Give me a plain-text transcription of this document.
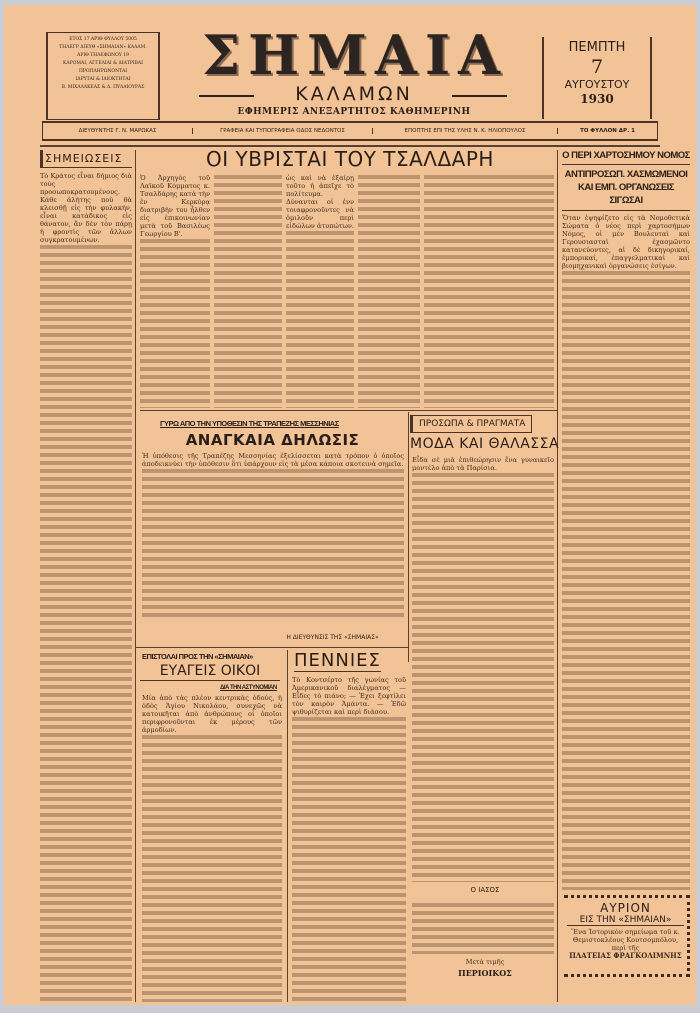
ΕΤΟΣ 17 ΑΡΙΘ ΦΥΛΛΟΥ 5005
ΤΗΛΕΓΡ ΔΙΕΥΘ «ΣΗΜΑΙΑΝ» ΚΑΛΑΜ.
ΑΡΙΘ ΤΗΛΕΦΩΝΟΥ 19
ΚΑΡΟΜΑΙ, ΑΓΓΕΛΙΑΙ & ΔΙΑΤΡΙΒΑΙ ΠΡΟΠΛΗΡΩΝΟΝΤΑΙ
ΙΔΡΥΤΑΙ & ΙΔΙΟΚΤΗΤΑΙ
Β. ΜΙΧΑΛΑΚΕΑΣ & Δ. ΠΥΛΑΙΟΥΡΑΣ
ΣΗΜΑΙΑ
ΚΑΛΑΜΩΝ
ΕΦΗΜΕΡΙΣ ΑΝΕΞΑΡΤΗΤΟΣ ΚΑΘΗΜΕΡΙΝΗ
ΠΕΜΠΤΗ
7
ΑΥΓΟΥΣΤΟΥ
1930
ΔΙΕΥΘΥΝΤΗΣ Γ. Ν. ΜΑΡΩΚΑΣ	ΓΡΑΦΕΙΑ ΚΑΙ ΤΥΠΟΓΡΑΦΕΙΑ ΟΔΟΣ ΝΕΔΟΝΤΟΣ	ΕΠΟΠΤΗΣ ΕΠΙ ΤΗΣ ΥΛΗΣ Ν. Κ. ΗΛΙΟΠΟΥΛΟΣ	ΤΟ ΦΥΛΛΟΝ ΔΡ. 1
ΣΗΜΕΙΩΣΕΙΣ
Τὸ Κράτος εἶναι δήμιος διὰ τοὺς προσωποκρατουμένους. Κάθε ἀλήτης ποὺ θὰ κλεισθῇ εἰς τὴν φυλακήν, εἶναι κατάδικος εἰς θάνατον, ἂν δὲν τὸν πάρῃ ἡ φροντὶς τῶν ἄλλων συγκρατουμένων.
ΟΙ ΥΒΡΙΣΤΑΙ ΤΟΥ ΤΣΑΛΔΑΡΗ
Ὁ Ἀρχηγὸς τοῦ Λαϊκοῦ Κόμματος κ. Τσαλδάρης κατὰ τὴν ἐν Κερκύρᾳ διατριβήν του ἦλθεν εἰς ἐπικοινωνίαν μετὰ τοῦ Βασιλέως Γεωργίου Β'.
ὡς καὶ νὰ ἐξαίρῃ τοῦτο ἡ ἀπεῖχε τὸ πολίτευμα. Δύνανται οἱ ἐνν τοιαφρονοῦντες νὰ ὁμιλοῦν περὶ εἰδώλων ἀτυπώτων.
Ο ΠΕΡΙ ΧΑΡΤΟΣΗΜΟΥ ΝΟΜΟΣ
ΑΝΤΙΠΡΟΣΩΠ. ΧΑΣΜΩΜΕΝΟΙ ΚΑΙ ΕΜΠ. ΟΡΓΑΝΩΣΕΙΣ ΣΙΓΩΣΑΙ
Ὅταν ἐψηφίζετο εἰς τὰ Νομοθετικὰ Σώματα ὁ νέος περὶ χαρτοσήμων Νόμος, οἱ μὲν Βουλευταὶ καὶ Γερουσιασταὶ ἐχασμῶντο κατανεύοντες, αἱ δὲ δικηγορικαί, ἐμπορικαί, ἐπαγγελματικαὶ καὶ βιομηχανικαὶ ὀργανώσεις ἐσίγων.
ΑΥΡΙΟΝ
ΕΙΣ ΤΗΝ «ΣΗΜΑΙΑΝ»
Ἕνα Ἱστορικὸν σημείωμα τοῦ κ. Θεμιστοκλέους Κουτσομπόλου, περὶ τῆς
ΠΛΑΤΕΙΑΣ ΦΡΑΓΚΟΛΙΜΝΗΣ
ΓΥΡΩ ΑΠΟ ΤΗΝ ΥΠΟΘΕΣΙΝ ΤΗΣ ΤΡΑΠΕΖΗΣ ΜΕΣΣΗΝΙΑΣ
ΑΝΑΓΚΑΙΑ ΔΗΛΩΣΙΣ
Ἡ ὑπόθεσις τῆς Τραπέζης Μεσσηνίας ἐξελίσσεται κατὰ τρόπον ὁ ὁποῖος ἀποδεικνύει τὴν ὑπόθεσιν ὅτι ὑπάρχουν εἰς τὰ μέσα κάποια σκοτεινὰ σημεῖα.
Η ΔΙΕΥΘΥΝΣΙΣ ΤΗΣ «ΣΗΜΑΙΑΣ»
ΠΡΟΣΩΠΑ & ΠΡΑΓΜΑΤΑ
ΜΟΔΑ ΚΑΙ ΘΑΛΑΣΣΑ
Εἶδα σὲ μιὰ ἐπιθεώρησιν ἕνα γυναικεῖο μοντέλο ἀπὸ τὰ Παρίσια.
Ο ΙΑΣΟΣ
Μετὰ τιμῆς
ΠΕΡΙΟΙΚΟΣ
ΕΠΙΣΤΟΛΑΙ ΠΡΟΣ ΤΗΝ «ΣΗΜΑΙΑΝ»
ΕΥΑΓΕΙΣ ΟΙΚΟΙ
ΔΙΑ ΤΗΝ ΑΣΤΥΝΟΜΙΑΝ
Μία ἀπὸ τὰς πλέον κεντρικὰς ὁδούς, ἡ ὁδὸς Ἁγίου Νικολάου, συνεχῶς νὰ κατοικῆται ἀπὸ ἀνθρώπους οἱ ὁποῖοι περιφρονοῦνται ἐκ μέρους τῶν ἁρμοδίων.
ΠΕΝΝΙΕΣ
Τὸ Κοντσέρτο τῆς γωνίας τοῦ Ἀμερικανικοῦ διαλέγματος — Εἶδες τὸ πιάνο; — Ἐχει ξεφτίλει τὸν καιρὸν Ἀμάντα. — Ἐδῶ ψιθυρίζεται καὶ περὶ διάσου.
